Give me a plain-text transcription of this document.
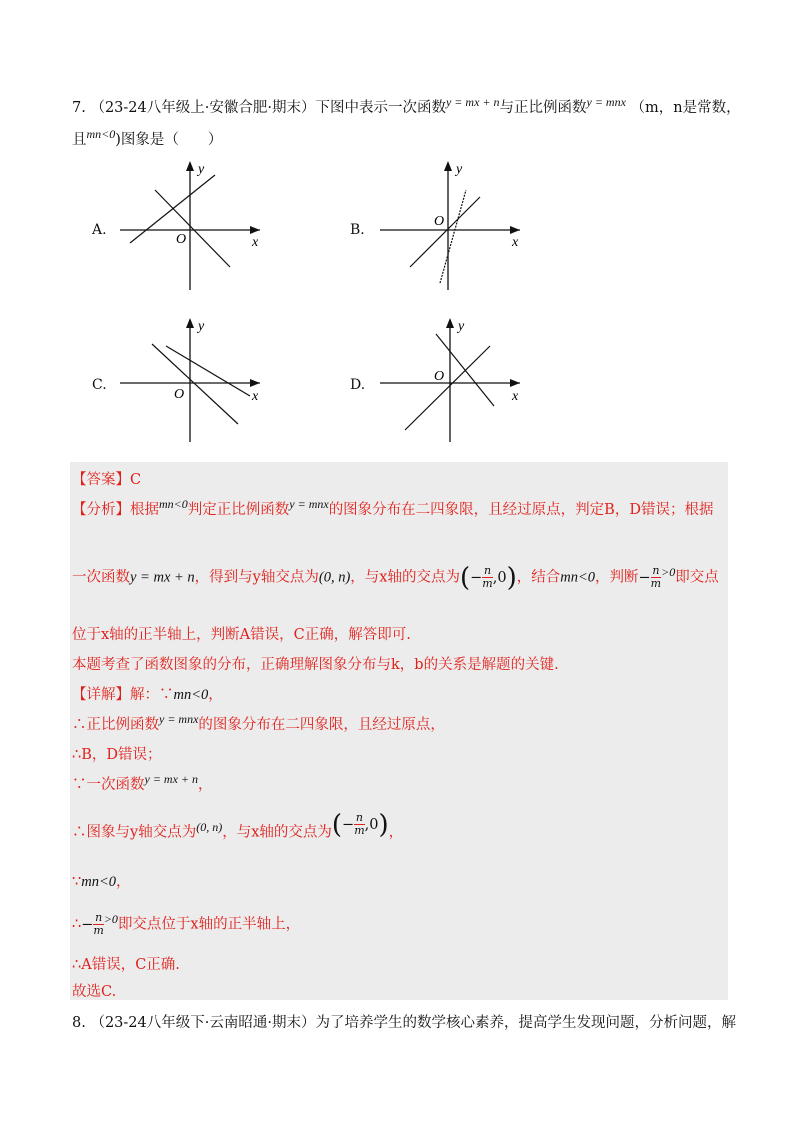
7. （23-24八年级上·安徽合肥·期末）下图中表示一次函数$^{y = mx + n}$与正比例函数$^{y = mnx}$ （m，n是常数，
且$^{mn<0}$)图象是（　　）
A.
O	x
y
B.
O
x
y
C.
O	x
y
D.
O
x
y
【答案】C
【分析】根据$^{mn<0}$判定正比例函数$^{y = mnx}$的图象分布在二四象限，且经过原点，判定B，D错误；根据
一次函数y = mx + n，得到与y轴交点为(0, n)，与x轴的交点为(− $\frac{n}{m} ,0$)，结合mn<0，判断− $\frac{n}{m} ^{>0}$即交点
位于x轴的正半轴上，判断A错误，C正确，解答即可.
本题考查了函数图象的分布，正确理解图象分布与k，b的关系是解题的关键.
【详解】解：∵mn<0，
∴正比例函数$^{y = mnx}$的图象分布在二四象限，且经过原点，
∴B，D错误；
∵一次函数$^{y = mx + n}$，
∴图象与y轴交点为$^{(0, n)}$，与x轴的交点为(− $\frac{n}{m} ,0$)，
∵mn<0，
∴− $\frac{n}{m} ^{>0}$即交点位于x轴的正半轴上，
∴A错误，C正确.
故选C.
8. （23-24八年级下·云南昭通·期末）为了培养学生的数学核心素养，提高学生发现问题，分析问题，解
